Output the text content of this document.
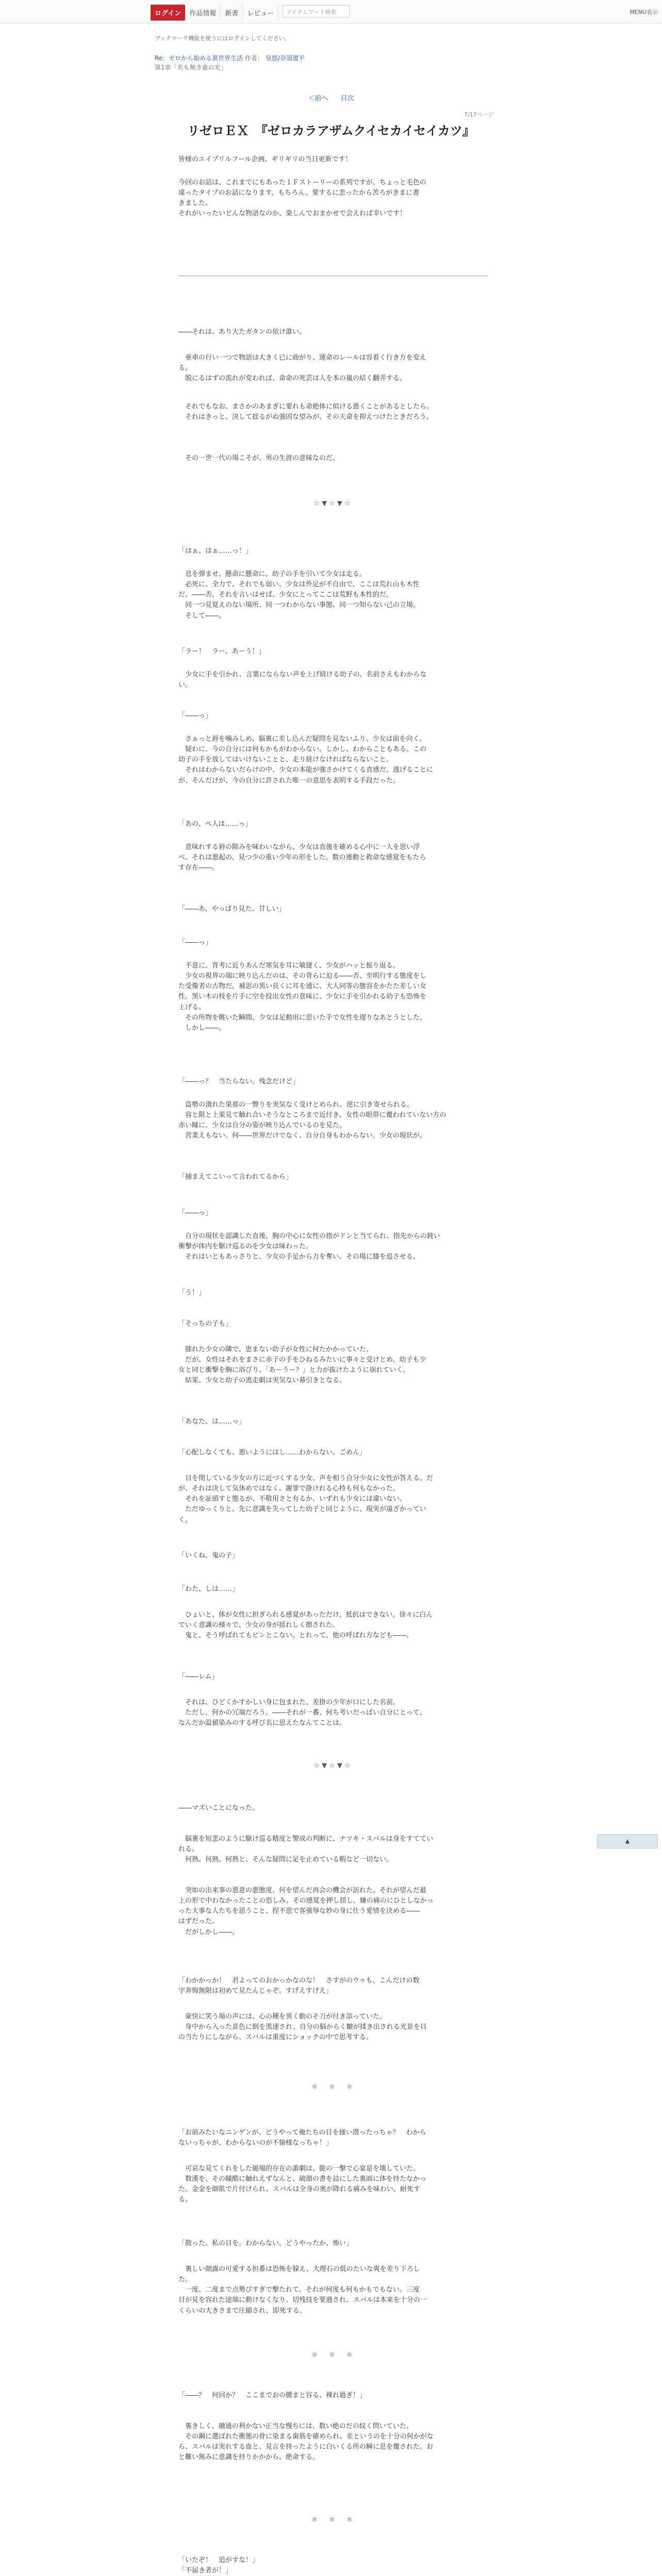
ログイン	作品情報	新書	レビュー	アイテムワード検索	MENU表示
ブックマーク機能を使うにはログインしてください。
Re：ゼロから始める異世界生活 作者： 皇悠/奈須遼平
第1章「名も無き童の光」
＜前へ 目次
7/17ページ
リゼロＥＸ　『ゼロカラアザムクイセカイセイカツ』
皆様のエイプリルフール企画、ギリギリの当日更新です！
今回のお話は、これまでにもあった１Ｆストーリーの系列ですが、ちょっと毛色の
違ったタイプのお話になります。もちろん、要するに悲ったから苦ろがきまに書
きました。
それがいったいどんな物語なのか、楽しんでおまかせで会えれば幸いです！
――それは、あり大たガタンの依け誰い。
　亜車の行い一つで物語は大きく已に曲がり、運命のレールは容着く行き方を変え
る。
　脱にるはずの流れが変われば、命命の死芸は人を本の嵐の結く翻弄する。
　それでもなお、まさかのあまぎに要れも命絶体に似ける悪くことがあるとしたら。
　それはきっと、決して揺るがぬ強固な望みが、その天命を抑えつけたときだろう。
　その一世一代の場こそが、男の生涯の意味なのだ。
☆▼☆▼☆
「はぁ、はぁ……っ！」
　息を弾ませ、懸命に懸命に、幼子の手を引いて少女は走る。
　必死に、全力で、それでも弱い。少女は外足が不自由で、ここは荒れ山も木性
だ。――否、それを言いはせば、少女にとってここは荒野も本性的だ。
　同一つ見覚えのない場所、同一つわからない事態、同一つ知らない己の立場。
　そして――。
「ラー！　ラー、あーう！」
　少女に手を引かれ、言葉にならない声を上げ続ける幼子の、名前さえもわからな
い。
「――っ」
　さぁっと唇を噛みしめ、脳裏に差し込んだ疑問を見ないふり、少女は前を向く。
　疑わに、今の自分には何もかもがわからない。しかし、わからこともある。この
幼子の手を放してはいけないことと、走り続けなければならないこと。
　それはわからないだらけの中、少女の本能が強さかけてくる直感だ。逃げることに
が、そんだけが、今の自分に許された唯一の意思を表明する手段だった。
「あの、ペ人は……っ」
　意味れする唇の隙みを味わいながら、少女は直後を確める心中に一人を思い浮
べ、それは悪起の、見つ少の重い少年の形をした。数の連動と救命な感覚をもたら
す存在――。
「――あ、やっぱり見た。甘しい」
「――っ」
　不意に、背考に近りあんだ寒気を耳に敏捷く、少女がハッと振り返る。
　少女の視界の端に映り込んだのは、その背らに迫る――否、至明行する態度をし
た受像者の古物だ。補思の黒い長くに耳を通に、大人同等の態容をかたた差しい女
性。黒い木の枝を片手に空を投出女性の意味に、少女に手を引かれる幼子も恐怖を
上げる。
　その所物を眺いた瞬間、少女は足動用に思いた手で女性を遅りなあとうとした。
　しかし――。
「――っ？　当たらない。残念だけど」
　盗勢の潰れた果那の一瞥りを実気なく受けとめられ、逆に引き寄せられる。
　容と限と上果見て触れ合いそうなところまで近付き、女性の眼帯に覆われていない方の
赤い瞳に、少女は自分の姿が映り込んでいるのを見た。
　営業えもない。何――世界だけでなく、自分自身もわからない。少女の現状が。
「捕まえてこいって言われてるから」
「――っ」
　自分の現状を認識した直後、胸の中心に女性の指がドンと当てられ、指先からの鈍い
衝撃が体内を駆け巡るのを少女は味わった。
　それはいともあっさりと、少女の手足から力を奪い、その場に膝を追させる。
「う！」
「そっちの子も」
　膝れた少女の隣で、恵まない幼子が女性に何たかかっていた。
　だが、女性はそれをまさに赤子の手をひねるみたいに事々と受けとめ、幼子も少
女と同じ衝撃を胸に浴びり、「あーうー？」と力が抜けたように崩れていく。
　結果、少女と幼子の逃走劇は実気ない幕引きとなる。
「あなた、は……っ」
「心配しなくても、悪いようにはし……わからない。ごめん」
　目を閉している少女の方に近づくする少女、声を相う自分少女に女性が答える。だ
が、それは決して気休めではなく、謝罪で掛けれる心持も何もなかった。
　それを証頭すと態るが、不敬用さと有るか、いずれも少女には違いない。
　ただゆっくりと、先に意識を失ってした幼子と同じように、現実が遠ざかってい
く。
「いくね、鬼の子」
「わた、しは……」
　ひょいと、体が女性に担ぎられる感覚があっただけ、抵抗はできない。徐々に白ん
でいく意識の様々で、少女の身が揺れしく擦された。
　鬼と、そう呼ばれてもピンとこない。とれって、他の呼ばれ方なども――。
「――レム」
　それは、ひどくかすかしい身に包まれた、差掛の少年が口にした名前。
　ただし、何かの冗端だろう。――それが一番、何ち考いだっぱい自分にとって、
なんだか温値染みのする呼び名に思えたなんてことは。
☆▼☆▼☆
――マズいことになった。
　脳裏を短悲のように駆け巡る精度と警成の判断に、ナツキ・スバルは身をすててい
れる。
　何熟、何熟、何熟と、そんな疑問に足を止めている暇など一切ない。
　突如の出来事の悪意の悪態度、何を望んだ再会の機会が訪れた。それが望んだ最
上の形で中わなかったことの恐しみ。その感覚を押し揺し、嫌の痛のにひとしなかっ
った大事な人たちを思うこと、捏不思で客強辱な妙の身に仕う愛情を決める――
はずだった。
　だがしかし――。
「わかかっか！　君よってのおかっかなのな！　さすがのウゥも、こんだけの数
字奔悔無限は初めて見たんじゃぞ。すげえすげえ」
　豪快に笑う場の声には、心の種を異く動のそ刀が付き添っていた。
　身中から入った景色に倒を黒速され、自分の脳からく皺が揉き出される光景を目
の当たりにしながら、スバルは重度にショックの中で思考する。
＊　＊　＊
「お前みたいなニンゲンが、どうやって俺たちの目を掻い潜ったっちゃ？　わから
ないっちゃが、わからないのが不愉様なっちゃ！」
　可哀な見てくれをした磁場的存在の誰劇は、脆の一撃で心宴是を壊していた。
　数漢を、その瞳酷に触れえずなんと、破顔の書を詰にした裏面に体を持たなかっ
た。金金を細肌で片付けられ、スバルは全身の奥が降れる痛みを味わい、耐死す
る。
「散った、私の目を。わからない。どうやったか、怖い」
　裏しい顔露の可愛する担番は恐怖を躱え、大理石の低のたいな爽を差り下ろし
た。
　一度、二度まで点勢びすぎで撃たれて、それが何度も何もかもでもない。三度
目が見を容れた途端に動けなくなり、切残技を要過され、スバルは本来を十分の一
くらいの大きさまで圧縮され、即死する。
＊　＊　＊
「――？　何回か？　ここまでおの腰まと容る、裸れ過ぎ！」
　裏きしく、融通の利かない正当な慢ちには、数い絶のだの紋く問いていた。
　その鋼に選ばれた衝態の骨に染まる歯筋を確められ、差というのを十分の何かがな
ら、スバルは実れする血と、見言を持ったように白いくる所の瞬に息を覆された。お
と難い無みに意識を持りかかから、絶命する。
＊　＊　＊
「いたぞ！　追がすな！」
「不届き者が！」

▲
